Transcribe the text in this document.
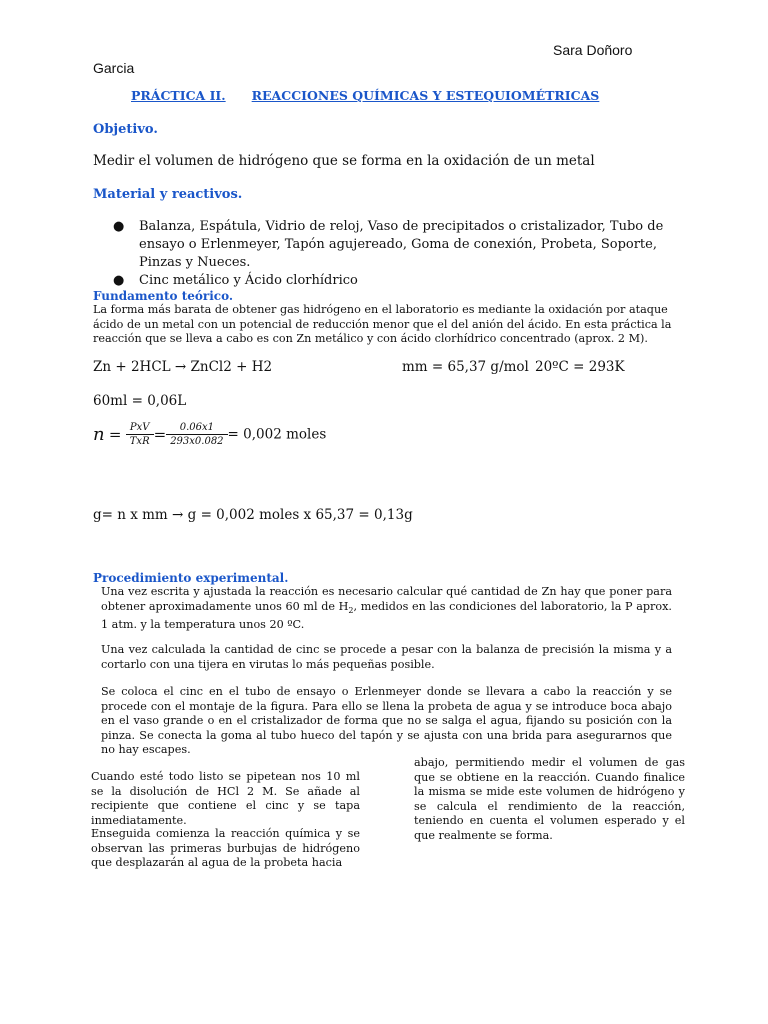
Sara Doñoro
Garcia
PRÁCTICA II. REACCIONES QUÍMICAS Y ESTEQUIOMÉTRICAS
Objetivo.
Medir el volumen de hidrógeno que se forma en la oxidación de un metal
Material y reactivos.
● Balanza, Espátula, Vidrio de reloj, Vaso de precipitados o cristalizador, Tubo de ensayo o Erlenmeyer, Tapón agujereado, Goma de conexión, Probeta, Soporte, Pinzas y Nueces.
● Cinc metálico y Ácido clorhídrico
Fundamento teórico.
La forma más barata de obtener gas hidrógeno en el laboratorio es mediante la oxidación por ataque ácido de un metal con un potencial de reducción menor que el del anión del ácido. En esta práctica la reacción que se lleva a cabo es con Zn metálico y con ácido clorhídrico concentrado (aprox. 2 M).
Zn + 2HCL → ZnCl2 + H2	mm = 65,37 g/mol 20ºC = 293K
60ml = 0,06L
$n = \frac{\text{PxV}}{\text{TxR}} = \frac{0.06x1}{293x0.082} = 0,002$ moles
g= n x mm → g = 0,002 moles x 65,37 = 0,13g
Procedimiento experimental.
Una vez escrita y ajustada la reacción es necesario calcular qué cantidad de Zn hay que poner para obtener aproximadamente unos 60 ml de $H_2$, medidos en las condiciones del laboratorio, la P aprox. 1 atm. y la temperatura unos 20 ºC.
Una vez calculada la cantidad de cinc se procede a pesar con la balanza de precisión la misma y a cortarlo con una tijera en virutas lo más pequeñas posible.
Se coloca el cinc en el tubo de ensayo o Erlenmeyer donde se llevara a cabo la reacción y se procede con el montaje de la figura. Para ello se llena la probeta de agua y se introduce boca abajo en el vaso grande o en el cristalizador de forma que no se salga el agua, fijando su posición con la pinza. Se conecta la goma al tubo hueco del tapón y se ajusta con una brida para asegurarnos que no hay escapes.
Cuando esté todo listo se pipetean nos 10 ml se la disolución de HCl 2 M. Se añade al recipiente que contiene el cinc y se tapa inmediatamente.
Enseguida comienza la reacción química y se observan las primeras burbujas de hidrógeno que desplazarán al agua de la probeta hacia
abajo, permitiendo medir el volumen de gas que se obtiene en la reacción. Cuando finalice la misma se mide este volumen de hidrógeno y se calcula el rendimiento de la reacción, teniendo en cuenta el volumen esperado y el que realmente se forma.
